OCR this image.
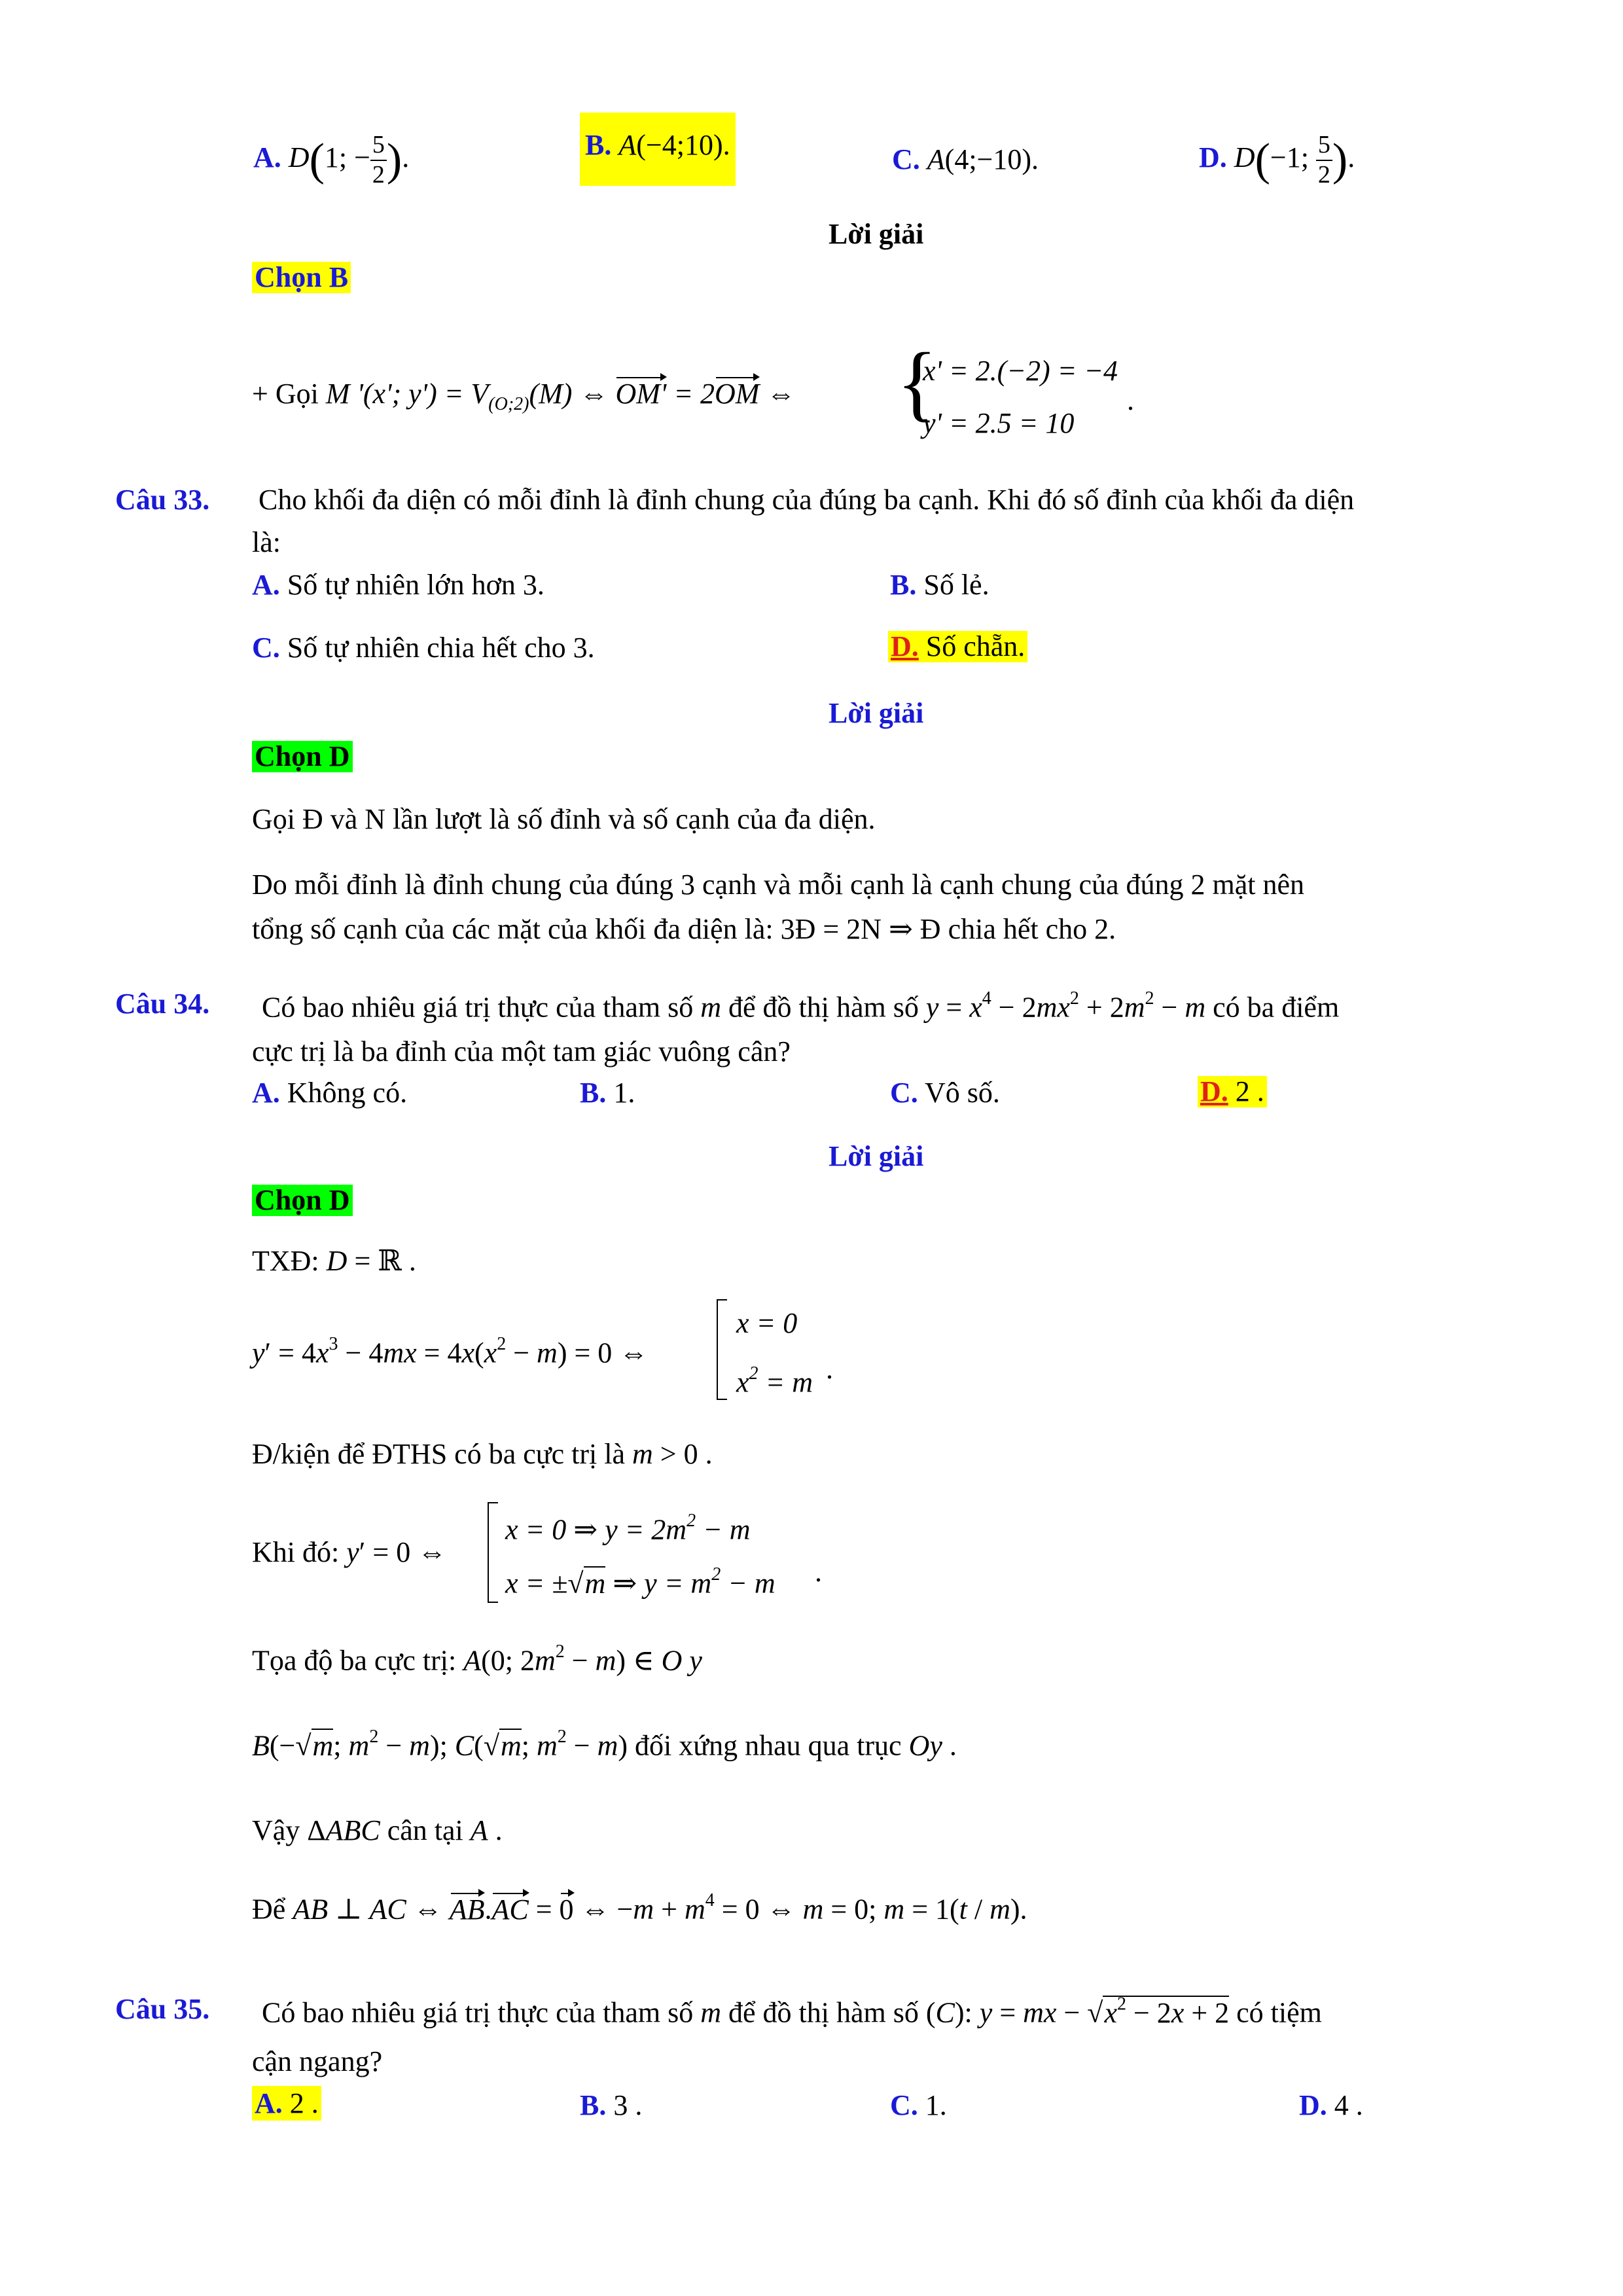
A. D(1; − $\frac{5}{2}$ ).	B. A(−4;10).	C. A(4;−10).	D. D(−1; $\frac{5}{2}$ ).
Lời giải
Chọn B
+ Gọi M '(x'; $y') = V_{(O;2)}(M)$ ⇔ OM' = 2OM ⇔ {
x' = 2.(−2) = −4
y' = 2.5 = 10
.
Câu 33. Cho khối đa diện có mỗi đỉnh là đỉnh chung của đúng ba cạnh. Khi đó số đỉnh của khối đa diện
là:
A. Số tự nhiên lớn hơn 3.	B. Số lẻ.
C. Số tự nhiên chia hết cho 3.	D. Số chẵn.
Lời giải
Chọn D
Gọi Đ và N lần lượt là số đỉnh và số cạnh của đa diện.
Do mỗi đỉnh là đỉnh chung của đúng 3 cạnh và mỗi cạnh là cạnh chung của đúng 2 mặt nên
tổng số cạnh của các mặt của khối đa diện là: 3Đ = 2N ⇒ Đ chia hết cho 2.
Câu 34. Có bao nhiêu giá trị thực của tham số m để đồ thị hàm số $y = x^4 - 2mx^2 + 2m^2 - m$ có ba điểm
cực trị là ba đỉnh của một tam giác vuông cân?
A. Không có.	B. 1.	C. Vô số.	D. 2 .
Lời giải
Chọn D
TXĐ: D = ℝ .
$y' = 4x^3 - 4mx = 4x(x^2 - m) = 0$ ⇔
x = 0
$x^2 = m$ .
Đ/kiện để ĐTHS có ba cực trị là m > 0 .
Khi đó: y′ = 0 ⇔
x = 0 ⇒ $y = 2m^2 - m$
x = ±√m ⇒ $y = m^2 - m$ .
Tọa độ ba cực trị: A(0; $2m^2 - m$) ∈ O y
B(−√m; $m^2 - m$); C(√m; $m^2 - m$) đối xứng nhau qua trục Oy .
Vậy ΔABC cân tại A .
Để AB ⊥ AC ⇔ AB.AC = 0 ⇔ $-m + m^4 = 0$ ⇔ m = 0; m = 1(t / m).
Câu 35. Có bao nhiêu giá trị thực của tham số m để đồ thị hàm số (C): y = mx − $√x^2 - 2x + 2$ có tiệm
cận ngang?
A. 2 .	B. 3 .	C. 1.	D. 4 .
